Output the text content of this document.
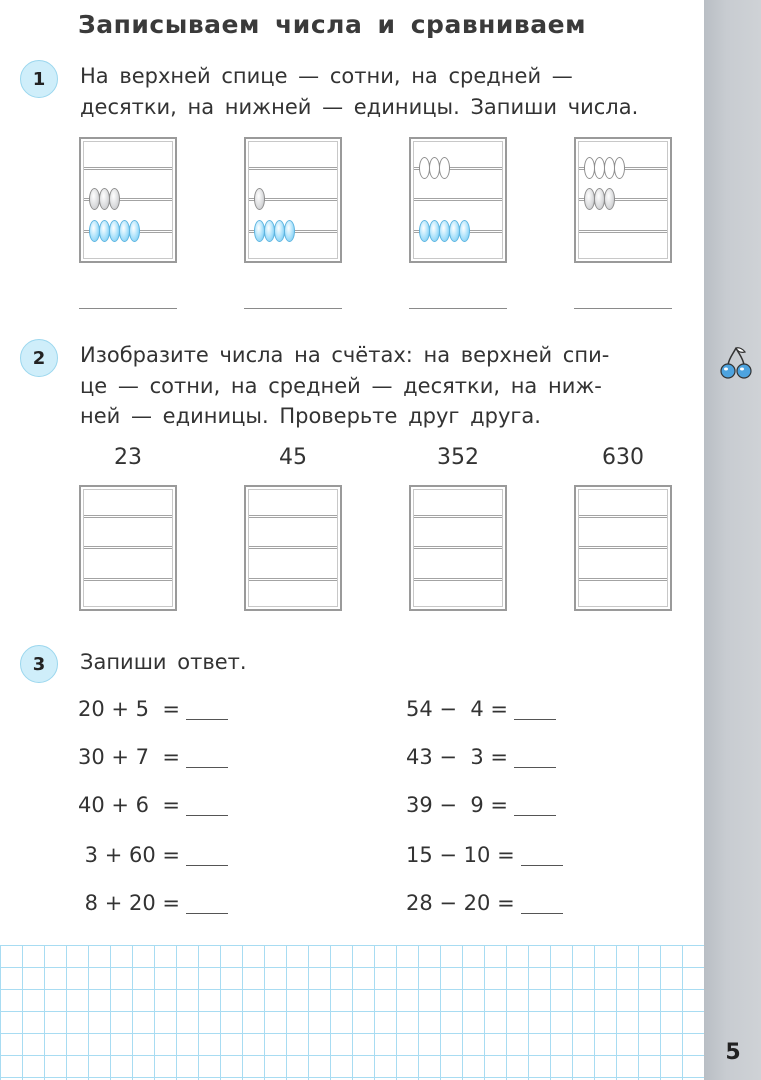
5
Записываем числа и сравниваем
1	На верхней спице — сотни, на средней —
десятки, на нижней — единицы. Запиши числа.
2	Изобразите числа на счётах: на верхней спи-
це — сотни, на средней — десятки, на ниж-
ней — единицы. Проверьте друг друга.
23	45	352	630
3	Запиши ответ.
20 + 5  =
30 + 7  =
40 + 6  =
3 + 60 =
8 + 20 =
54 −  4 =
43 −  3 =
39 −  9 =
15 − 10 =
28 − 20 =
